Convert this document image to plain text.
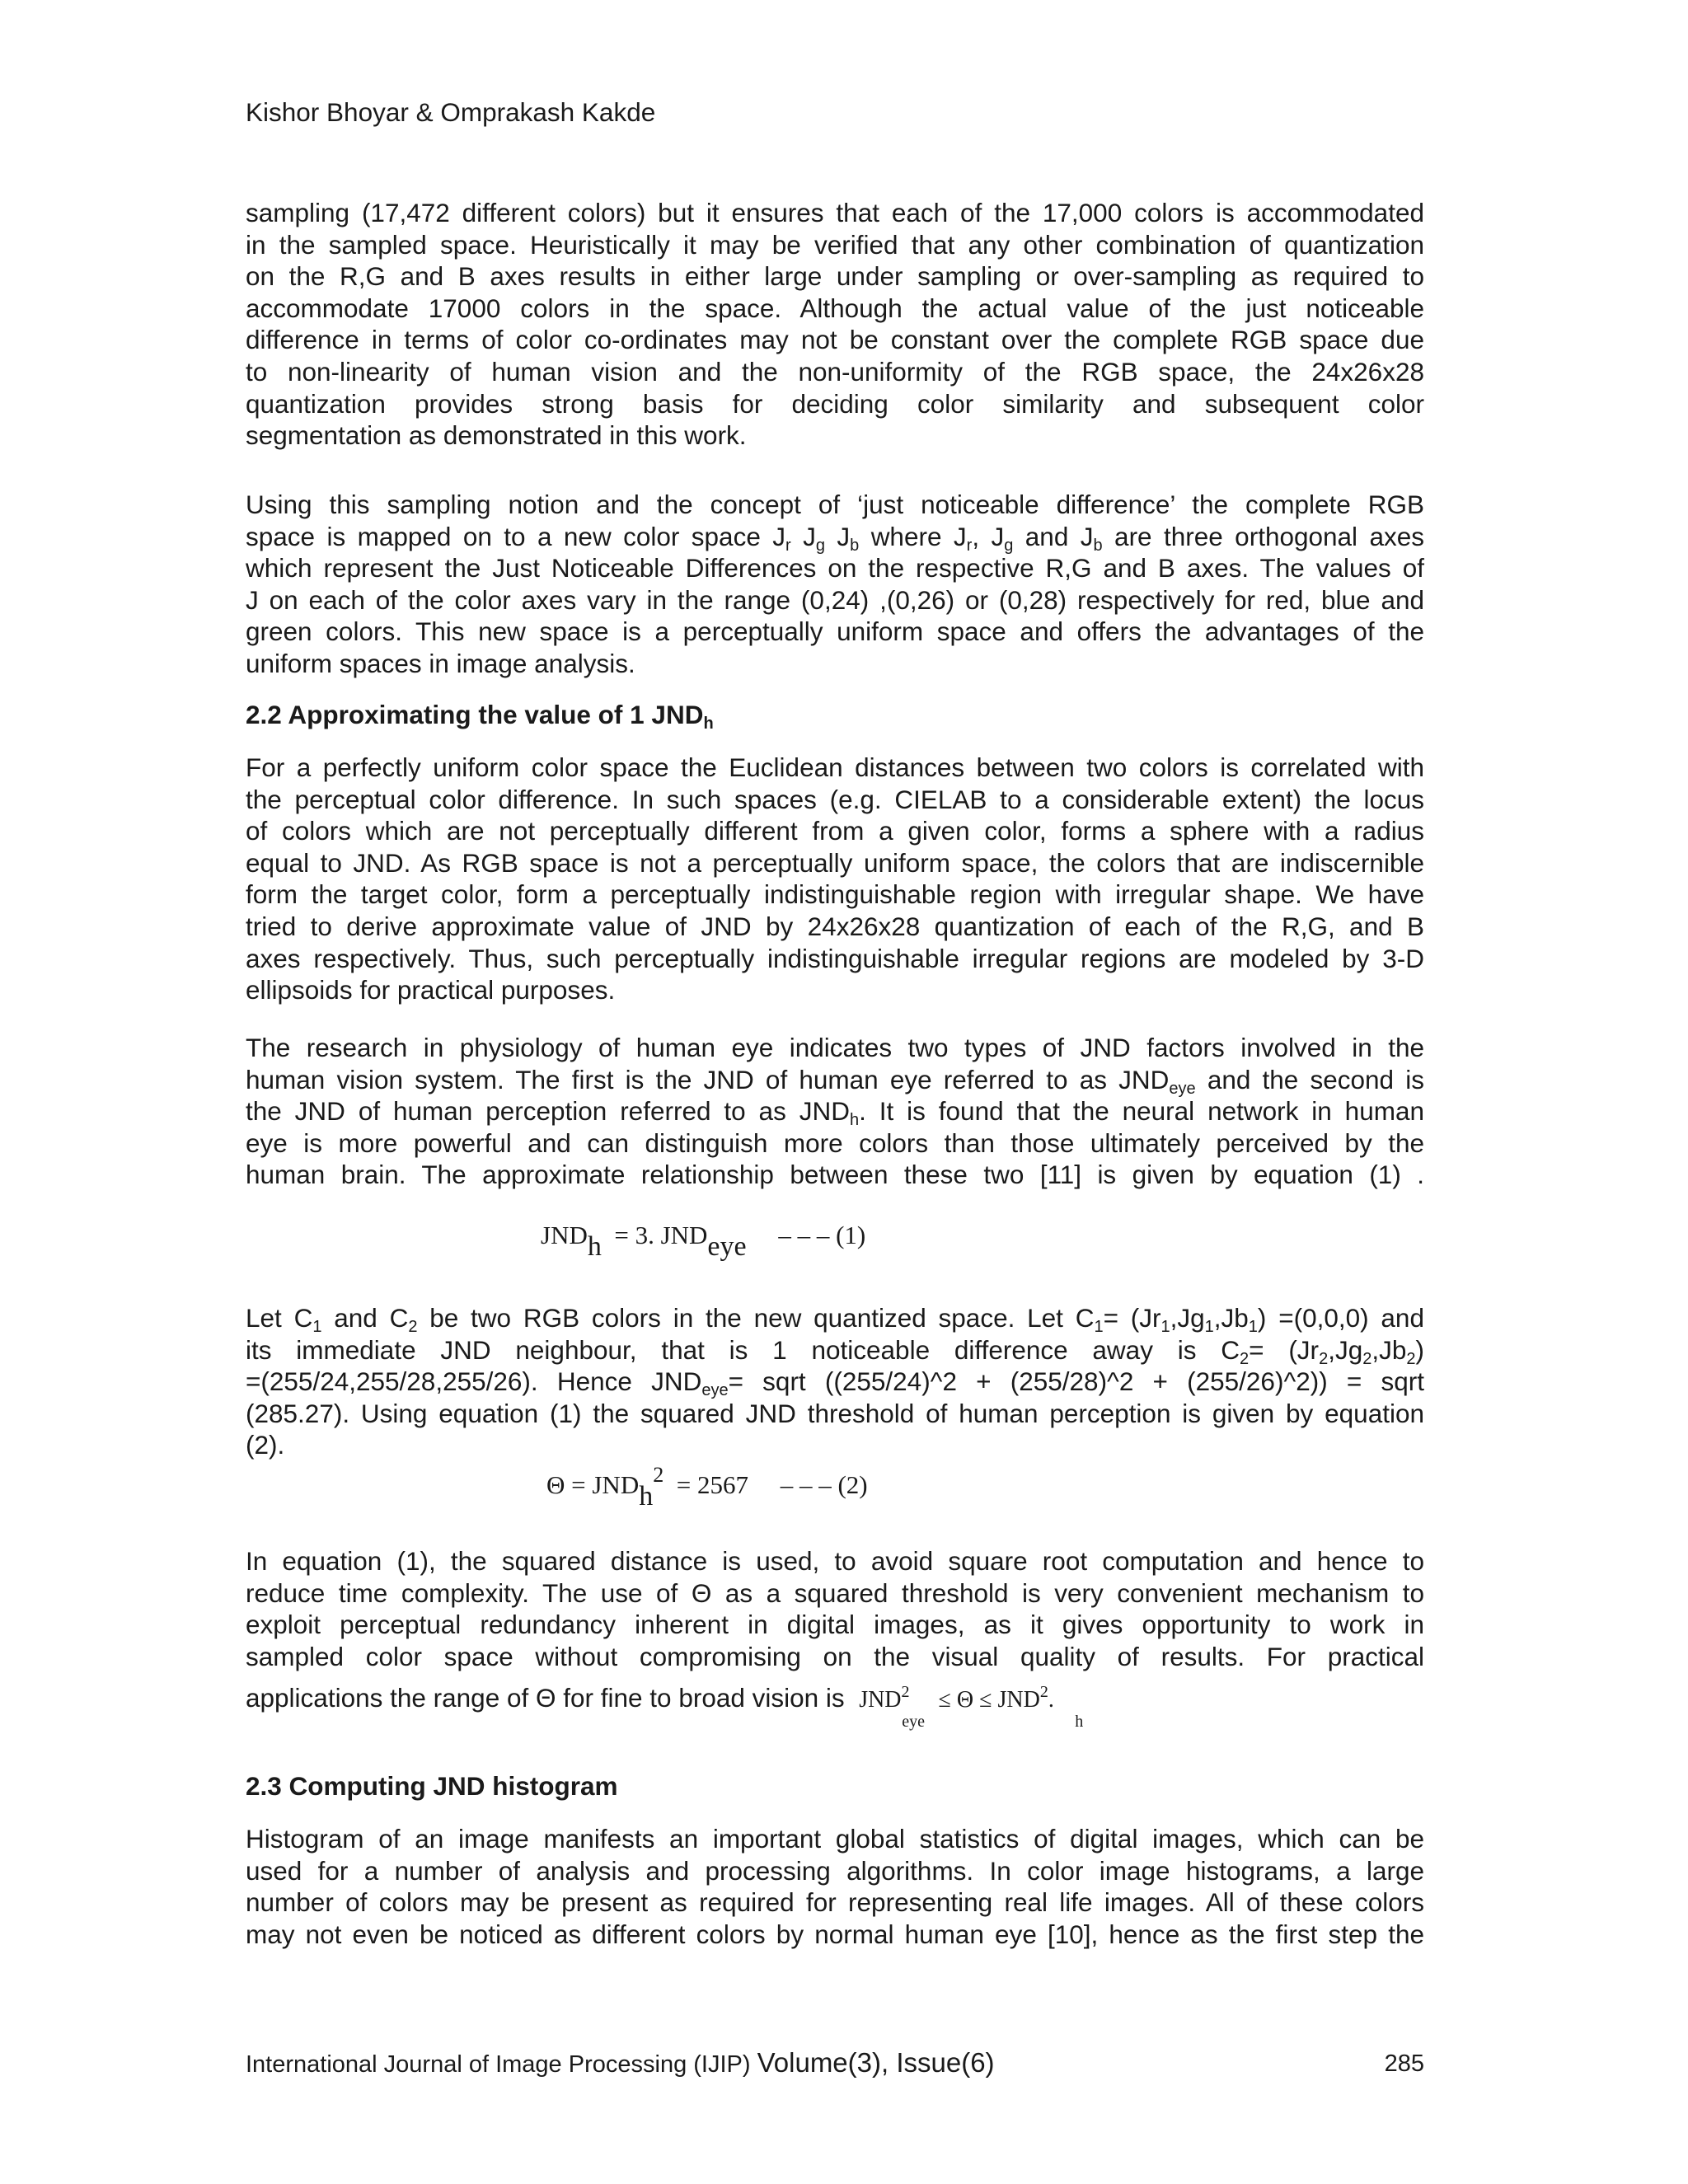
Kishor Bhoyar & Omprakash Kakde
sampling (17,472 different colors) but it ensures that each of the 17,000 colors is accommodated
in the sampled space. Heuristically it may be verified that any other combination of quantization
on the R,G and B axes results in either large under sampling or over-sampling as required to
accommodate 17000 colors in the space. Although the actual value of the just noticeable
difference in terms of color co-ordinates may not be constant over the complete RGB space due
to non-linearity of human vision and the non-uniformity of the RGB space, the 24x26x28
quantization provides strong basis for deciding color similarity and subsequent color
segmentation as demonstrated in this work.
Using this sampling notion and the concept of ‘just noticeable difference’ the complete RGB
space is mapped on to a new color space $J_r$ $J_g$ $J_b$ where $J_r$, $J_g$ and $J_b$ are three orthogonal axes
which represent the Just Noticeable Differences on the respective R,G and B axes. The values of
J on each of the color axes vary in the range (0,24) ,(0,26) or (0,28) respectively for red, blue and
green colors. This new space is a perceptually uniform space and offers the advantages of the
uniform spaces in image analysis.
2.2 Approximating the value of 1 $JND_h$
For a perfectly uniform color space the Euclidean distances between two colors is correlated with
the perceptual color difference. In such spaces (e.g. CIELAB to a considerable extent) the locus
of colors which are not perceptually different from a given color, forms a sphere with a radius
equal to JND. As RGB space is not a perceptually uniform space, the colors that are indiscernible
form the target color, form a perceptually indistinguishable region with irregular shape. We have
tried to derive approximate value of JND by 24x26x28 quantization of each of the R,G, and B
axes respectively. Thus, such perceptually indistinguishable irregular regions are modeled by 3-D
ellipsoids for practical purposes.
The research in physiology of human eye indicates two types of JND factors involved in the
human vision system. The first is the JND of human eye referred to as $JND_{eye}$ and the second is
the JND of human perception referred to as $JND_h$. It is found that the neural network in human
eye is more powerful and can distinguish more colors than those ultimately perceived by the
human brain. The approximate relationship between these two [11] is given by equation (1) .
JNDh = 3. JNDeye – – – (1)
Let $C_1$ and $C_2$ be two RGB colors in the new quantized space. Let $C_1= (Jr_1,Jg_1,Jb_1) =(0,0,0)$ and
its immediate JND neighbour, that is 1 noticeable difference away is $C_2= (Jr_2,Jg_2,Jb_2)$
=(255/24,255/28,255/26). Hence $JND_{eye}=$ sqrt ((255/24)^2 + (255/28)^2 + (255/26)^2)) = sqrt
(285.27). Using equation (1) the squared JND threshold of human perception is given by equation
(2).
Θ = JNDh$^2$ = 2567 – – – (2)
In equation (1), the squared distance is used, to avoid square root computation and hence to
reduce time complexity. The use of Θ as a squared threshold is very convenient mechanism to
exploit perceptual redundancy inherent in digital images, as it gives opportunity to work in
sampled color space without compromising on the visual quality of results. For practical
applications the range of Θ for fine to broad vision is JND$^2$
eye
≤ $\Theta \le JND^2$
h
.
2.3 Computing JND histogram
Histogram of an image manifests an important global statistics of digital images, which can be
used for a number of analysis and processing algorithms. In color image histograms, a large
number of colors may be present as required for representing real life images. All of these colors
may not even be noticed as different colors by normal human eye [10], hence as the first step the
International Journal of Image Processing (IJIP) Volume(3), Issue(6)	285
